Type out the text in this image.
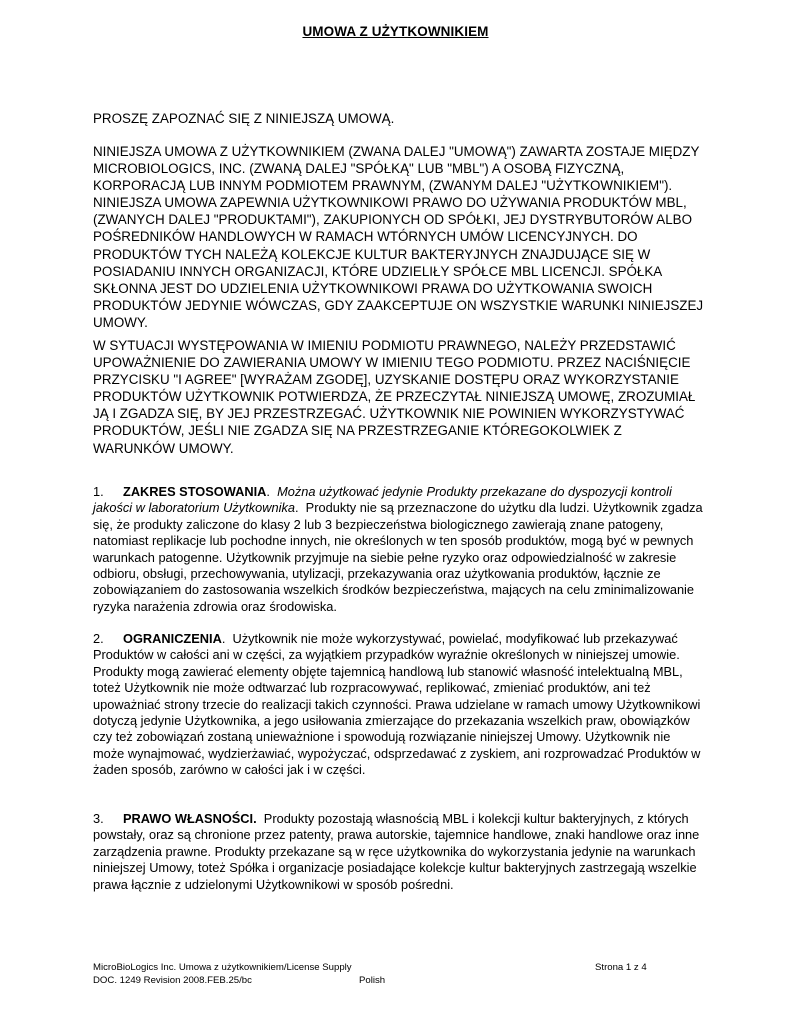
UMOWA Z UŻYTKOWNIKIEM
PROSZĘ ZAPOZNAĆ SIĘ Z NINIEJSZĄ UMOWĄ.
NINIEJSZA UMOWA Z UŻYTKOWNIKIEM (ZWANA DALEJ "UMOWĄ") ZAWARTA ZOSTAJE MIĘDZY MICROBIOLOGICS, INC. (ZWANĄ DALEJ "SPÓŁKĄ" LUB "MBL") A OSOBĄ FIZYCZNĄ, KORPORACJĄ LUB INNYM PODMIOTEM PRAWNYM, (ZWANYM DALEJ "UŻYTKOWNIKIEM"). NINIEJSZA UMOWA ZAPEWNIA UŻYTKOWNIKOWI PRAWO DO UŻYWANIA PRODUKTÓW MBL, (ZWANYCH DALEJ "PRODUKTAMI"), ZAKUPIONYCH OD SPÓŁKI, JEJ DYSTRYBUTORÓW ALBO POŚREDNIKÓW HANDLOWYCH W RAMACH WTÓRNYCH UMÓW LICENCYJNYCH. DO PRODUKTÓW TYCH NALEŻĄ KOLEKCJE KULTUR BAKTERYJNYCH ZNAJDUJĄCE SIĘ W POSIADANIU INNYCH ORGANIZACJI, KTÓRE UDZIELIŁY SPÓŁCE MBL LICENCJI. SPÓŁKA SKŁONNA JEST DO UDZIELENIA UŻYTKOWNIKOWI PRAWA DO UŻYTKOWANIA SWOICH PRODUKTÓW JEDYNIE WÓWCZAS, GDY ZAAKCEPTUJE ON WSZYSTKIE WARUNKI NINIEJSZEJ UMOWY.
W SYTUACJI WYSTĘPOWANIA W IMIENIU PODMIOTU PRAWNEGO, NALEŻY PRZEDSTAWIĆ UPOWAŻNIENIE DO ZAWIERANIA UMOWY W IMIENIU TEGO PODMIOTU. PRZEZ NACIŚNIĘCIE PRZYCISKU "I AGREE" [WYRAŻAM ZGODĘ], UZYSKANIE DOSTĘPU ORAZ WYKORZYSTANIE PRODUKTÓW UŻYTKOWNIK POTWIERDZA, ŻE PRZECZYTAŁ NINIEJSZĄ UMOWĘ, ZROZUMIAŁ JĄ I ZGADZA SIĘ, BY JEJ PRZESTRZEGAĆ. UŻYTKOWNIK NIE POWINIEN WYKORZYSTYWAĆ PRODUKTÓW, JEŚLI NIE ZGADZA SIĘ NA PRZESTRZEGANIE KTÓREGOKOLWIEK Z WARUNKÓW UMOWY.
1. ZAKRES STOSOWANIA. Można użytkować jedynie Produkty przekazane do dyspozycji kontroli jakości w laboratorium Użytkownika. Produkty nie są przeznaczone do użytku dla ludzi. Użytkownik zgadza się, że produkty zaliczone do klasy 2 lub 3 bezpieczeństwa biologicznego zawierają znane patogeny, natomiast replikacje lub pochodne innych, nie określonych w ten sposób produktów, mogą być w pewnych warunkach patogenne. Użytkownik przyjmuje na siebie pełne ryzyko oraz odpowiedzialność w zakresie odbioru, obsługi, przechowywania, utylizacji, przekazywania oraz użytkowania produktów, łącznie ze zobowiązaniem do zastosowania wszelkich środków bezpieczeństwa, mających na celu zminimalizowanie ryzyka narażenia zdrowia oraz środowiska.
2. OGRANICZENIA. Użytkownik nie może wykorzystywać, powielać, modyfikować lub przekazywać Produktów w całości ani w części, za wyjątkiem przypadków wyraźnie określonych w niniejszej umowie. Produkty mogą zawierać elementy objęte tajemnicą handlową lub stanowić własność intelektualną MBL, toteż Użytkownik nie może odtwarzać lub rozpracowywać, replikować, zmieniać produktów, ani też upoważniać strony trzecie do realizacji takich czynności. Prawa udzielane w ramach umowy Użytkownikowi dotyczą jedynie Użytkownika, a jego usiłowania zmierzające do przekazania wszelkich praw, obowiązków czy też zobowiązań zostaną unieważnione i spowodują rozwiązanie niniejszej Umowy. Użytkownik nie może wynajmować, wydzierżawiać, wypożyczać, odsprzedawać z zyskiem, ani rozprowadzać Produktów w żaden sposób, zarówno w całości jak i w części.
3. PRAWO WŁASNOŚCI. Produkty pozostają własnością MBL i kolekcji kultur bakteryjnych, z których powstały, oraz są chronione przez patenty, prawa autorskie, tajemnice handlowe, znaki handlowe oraz inne zarządzenia prawne. Produkty przekazane są w ręce użytkownika do wykorzystania jedynie na warunkach niniejszej Umowy, toteż Spółka i organizacje posiadające kolekcje kultur bakteryjnych zastrzegają wszelkie prawa łącznie z udzielonymi Użytkownikowi w sposób pośredni.
MicroBioLogics Inc. Umowa z użytkownikiem/License Supply	Strona 1 z 4
DOC. 1249 Revision 2008.FEB.25/bc	Polish
